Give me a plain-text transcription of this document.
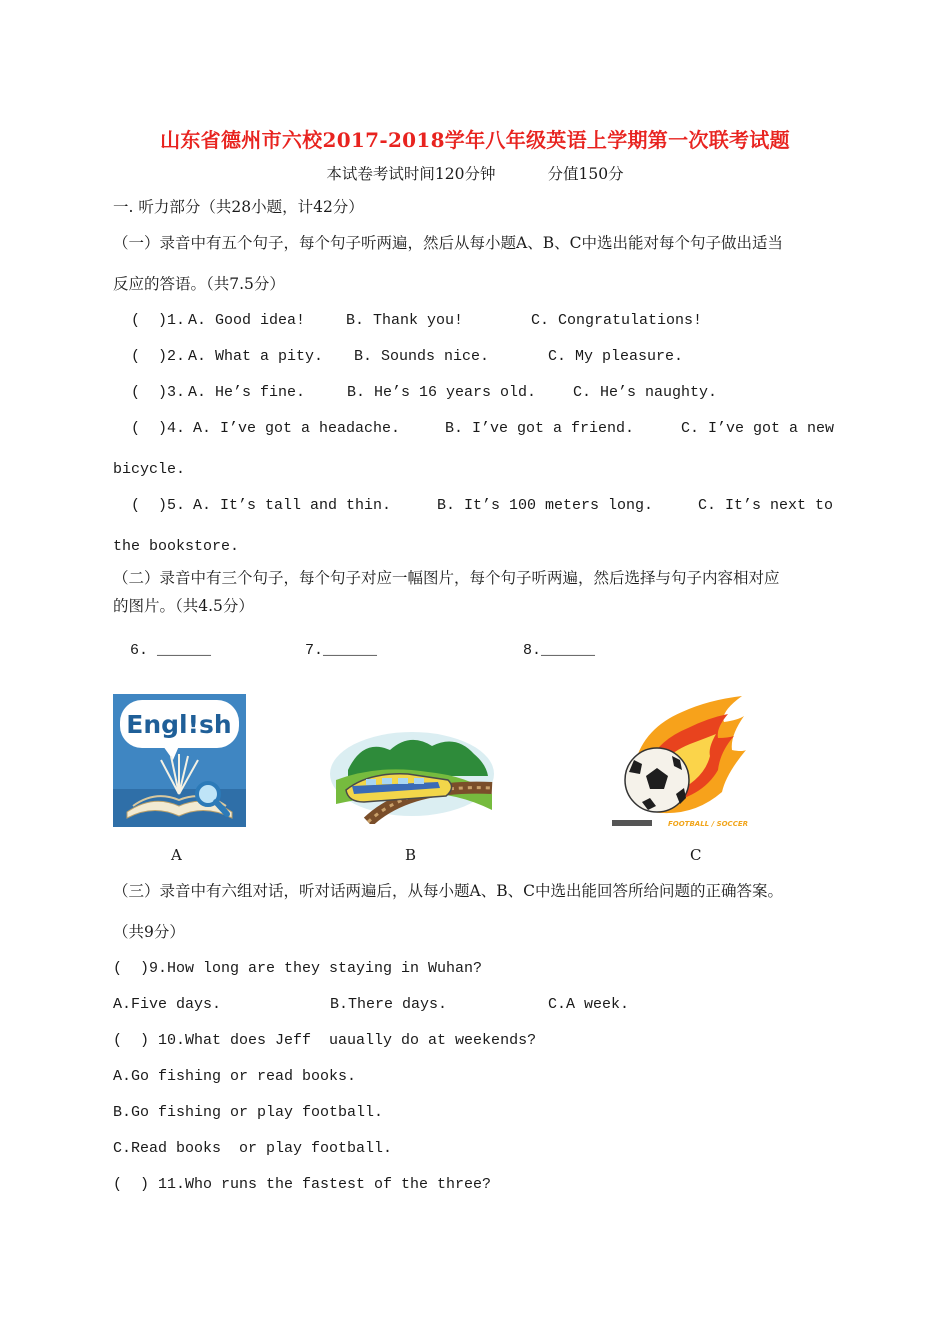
山东省德州市六校2017-2018学年八年级英语上学期第一次联考试题
本试卷考试时间120分钟	分值150分
一. 听力部分（共28小题，计42分）
（一）录音中有五个句子，每个句子听两遍，然后从每小题A、B、C中选出能对每个句子做出适当
反应的答语。（共7.5分）
(  )1. A. Good idea!	B. Thank you!	C. Congratulations!
(  )2. A. What a pity. B. Sounds nice.	C. My pleasure.
(  )3. A. He’s fine.	B. He’s 16 years old. C. He’s naughty.
(  )4. A. I’ve got a headache.	B. I’ve got a friend.	C. I’ve got a new
bicycle.
(  )5. A. It’s tall and thin.	B. It’s 100 meters long.	C. It’s next to
the bookstore.
（二）录音中有三个句子，每个句子对应一幅图片，每个句子听两遍，然后选择与句子内容相对应
的图片。（共4.5分）
6. ______	7.______	8.______
Engl!sh
A	B
FOOTBALL / SOCCER
C
（三）录音中有六组对话，听对话两遍后，从每小题A、B、C中选出能回答所给问题的正确答案。
（共9分）
(  )9.How long are they staying in Wuhan?
A.Five days.	B.There days.	C.A week.
(  ) 10.What does Jeff  uaually do at weekends?
A.Go fishing or read books.
B.Go fishing or play football.
C.Read books  or play football.
(  ) 11.Who runs the fastest of the three?
